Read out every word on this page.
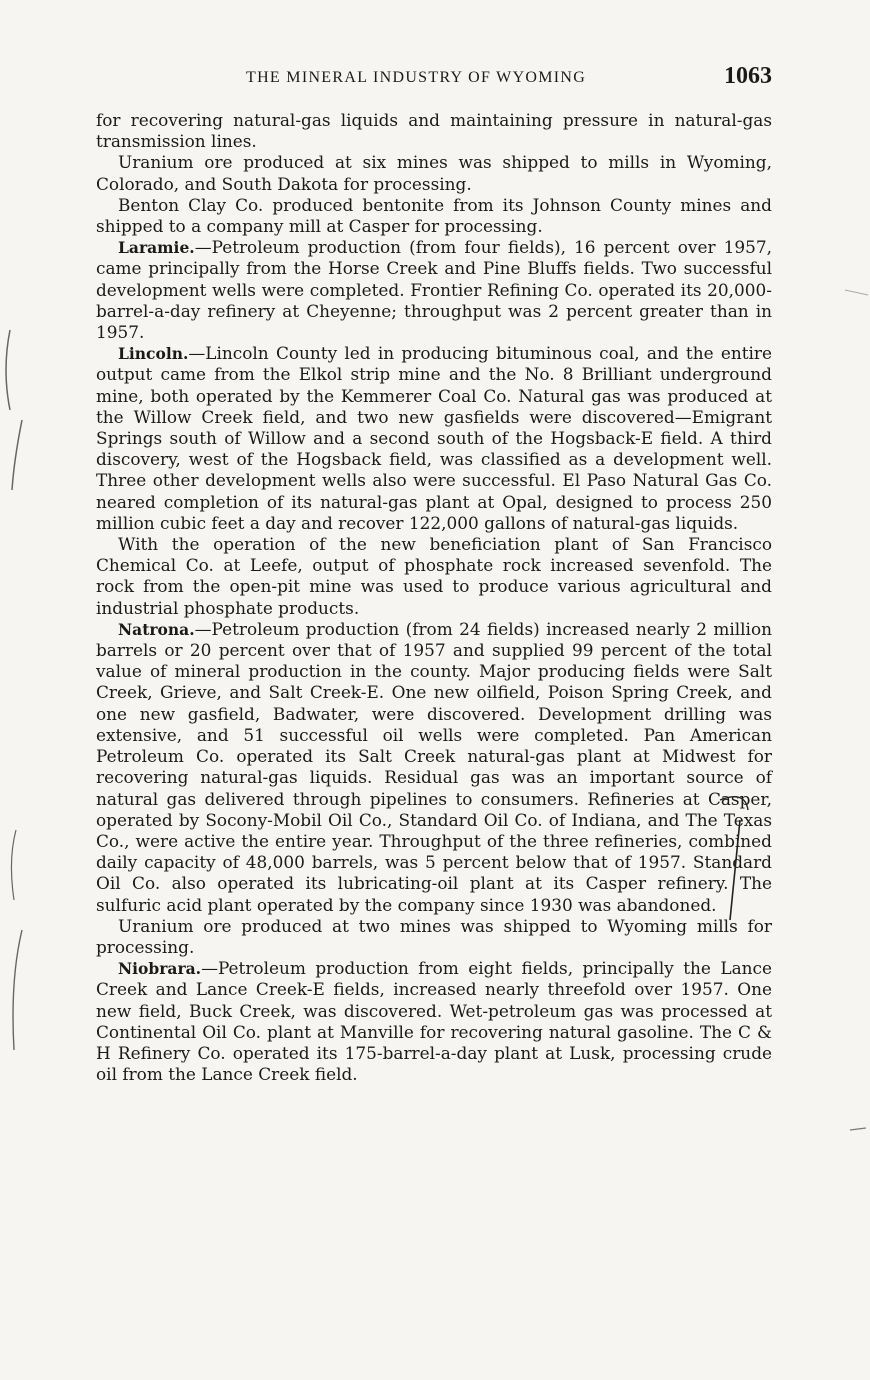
THE MINERAL INDUSTRY OF WYOMING	1063

for recovering natural-gas liquids and maintaining pressure in natural-gas transmission lines.

Uranium ore produced at six mines was shipped to mills in Wyoming, Colorado, and South Dakota for processing.

Benton Clay Co. produced bentonite from its Johnson County mines and shipped to a company mill at Casper for processing.

Laramie.—Petroleum production (from four fields), 16 percent over 1957, came principally from the Horse Creek and Pine Bluffs fields. Two successful development wells were completed. Frontier Refining Co. operated its 20,000-barrel-a-day refinery at Cheyenne; throughput was 2 percent greater than in 1957.

Lincoln.—Lincoln County led in producing bituminous coal, and the entire output came from the Elkol strip mine and the No. 8 Brilliant underground mine, both operated by the Kemmerer Coal Co. Natural gas was produced at the Willow Creek field, and two new gasfields were discovered—Emigrant Springs south of Willow and a second south of the Hogsback-E field. A third discovery, west of the Hogsback field, was classified as a development well. Three other development wells also were successful. El Paso Natural Gas Co. neared completion of its natural-gas plant at Opal, designed to process 250 million cubic feet a day and recover 122,000 gallons of natural-gas liquids.

With the operation of the new beneficiation plant of San Francisco Chemical Co. at Leefe, output of phosphate rock increased sevenfold. The rock from the open-pit mine was used to produce various agricultural and industrial phosphate products.

Natrona.—Petroleum production (from 24 fields) increased nearly 2 million barrels or 20 percent over that of 1957 and supplied 99 percent of the total value of mineral production in the county. Major producing fields were Salt Creek, Grieve, and Salt Creek-E. One new oilfield, Poison Spring Creek, and one new gasfield, Badwater, were discovered. Development drilling was extensive, and 51 successful oil wells were completed. Pan American Petroleum Co. operated its Salt Creek natural-gas plant at Midwest for recovering natural-gas liquids. Residual gas was an important source of natural gas delivered through pipelines to consumers. Refineries at Casper, operated by Socony-Mobil Oil Co., Standard Oil Co. of Indiana, and The Texas Co., were active the entire year. Throughput of the three refineries, combined daily capacity of 48,000 barrels, was 5 percent below that of 1957. Standard Oil Co. also operated its lubricating-oil plant at its Casper refinery. The sulfuric acid plant operated by the company since 1930 was abandoned.

Uranium ore produced at two mines was shipped to Wyoming mills for processing.

Niobrara.—Petroleum production from eight fields, principally the Lance Creek and Lance Creek-E fields, increased nearly threefold over 1957. One new field, Buck Creek, was discovered. Wet-petroleum gas was processed at Continental Oil Co. plant at Manville for recovering natural gasoline. The C & H Refinery Co. operated its 175-barrel-a-day plant at Lusk, processing crude oil from the Lance Creek field.
